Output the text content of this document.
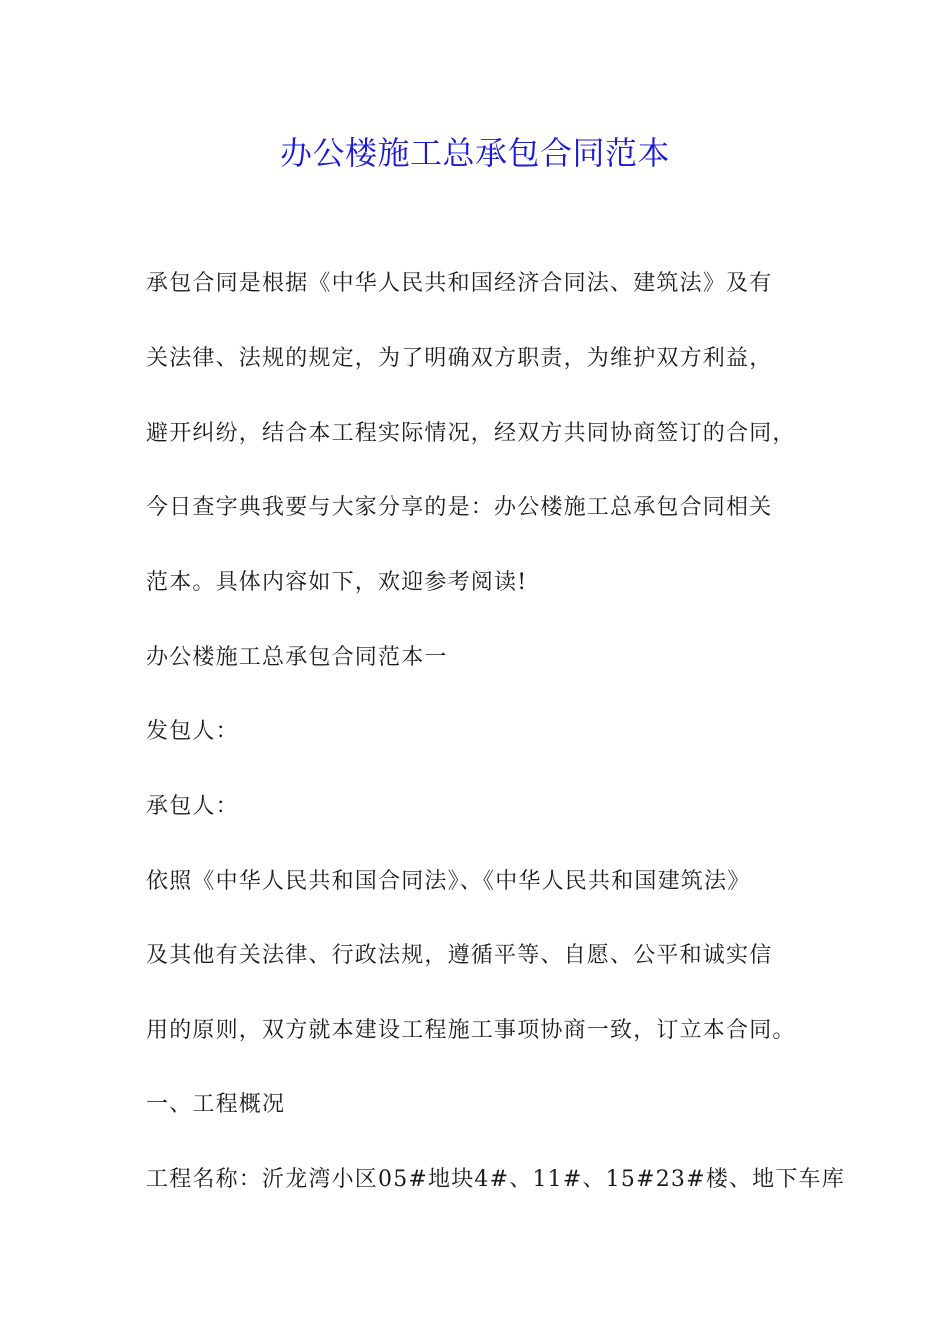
办公楼施工总承包合同范本
承包合同是根据《中华人民共和国经济合同法、建筑法》及有
关法律、法规的规定，为了明确双方职责，为维护双方利益，
避开纠纷，结合本工程实际情况，经双方共同协商签订的合同，
今日查字典我要与大家分享的是：办公楼施工总承包合同相关
范本。具体内容如下，欢迎参考阅读!
办公楼施工总承包合同范本一
发包人：
承包人：
依照《中华人民共和国合同法》、《中华人民共和国建筑法》
及其他有关法律、行政法规，遵循平等、自愿、公平和诚实信
用的原则，双方就本建设工程施工事项协商一致，订立本合同。
一、工程概况
工程名称：沂龙湾小区05#地块4#、11#、15#23#楼、地下车库
